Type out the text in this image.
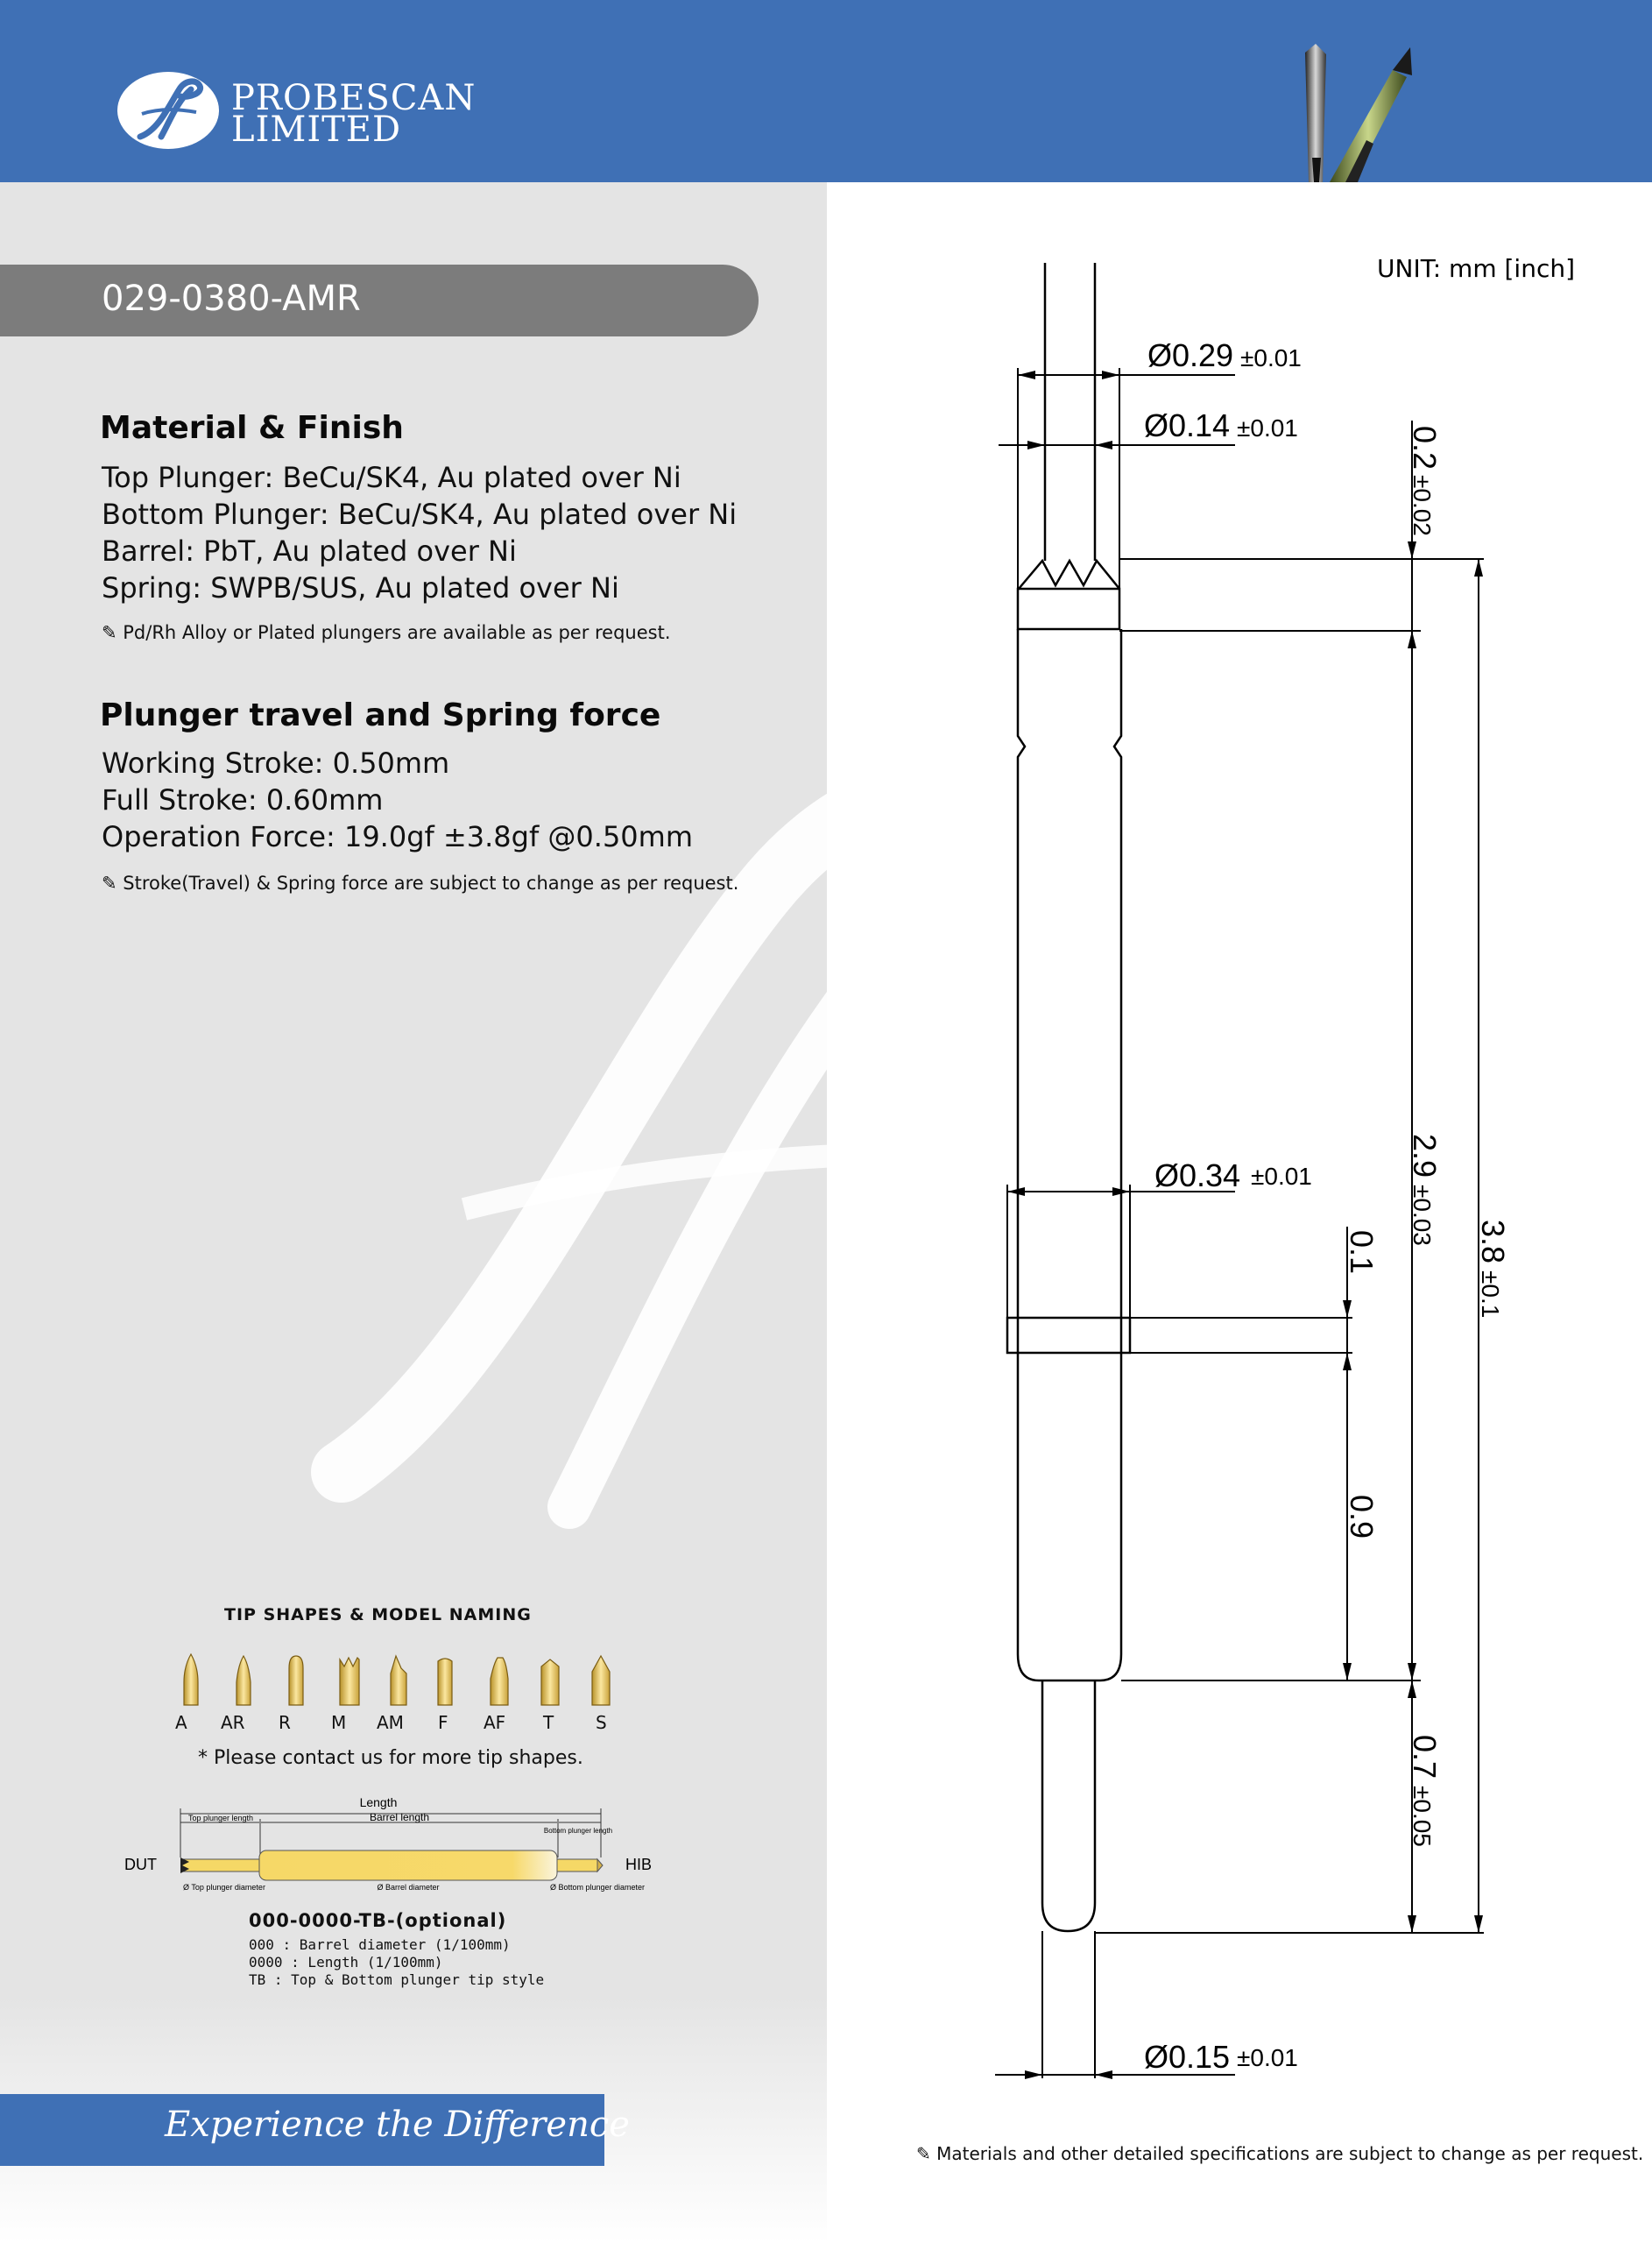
PROBESCAN
LIMITED
029-0380-AMR
Material & Finish
Top Plunger: BeCu/SK4, Au plated over Ni
Bottom Plunger: BeCu/SK4, Au plated over Ni
Barrel: PbT, Au plated over Ni
Spring: SWPB/SUS, Au plated over Ni
✎ Pd/Rh Alloy or Plated plungers are available as per request.
Plunger travel and Spring force
Working Stroke: 0.50mm
Full Stroke: 0.60mm
Operation Force: 19.0gf ±3.8gf @0.50mm
✎ Stroke(Travel) & Spring force are subject to change as per request.
UNIT: mm [inch]
Ø0.29 ±0.01
Ø0.14 ±0.01
Ø0.34 ±0.01
Ø0.15 ±0.01
0.2
±0.02
2.9
±0.03 3.8
±0.1
0.1
0.9
0.7
±0.05
TIP SHAPES & MODEL NAMING
A AR R M AM F AF T S
* Please contact us for more tip shapes.
Length
Top plunger length	Barrel length
Bottom plunger length
DUT	HIB
Ø Top plunger diameter	Ø Barrel diameter	Ø Bottom plunger diameter
000-0000-TB-(optional)
000 : Barrel diameter (1/100mm)
0000 : Length (1/100mm)
TB : Top & Bottom plunger tip style
Experience the Difference
✎ Materials and other detailed specifications are subject to change as per request.
